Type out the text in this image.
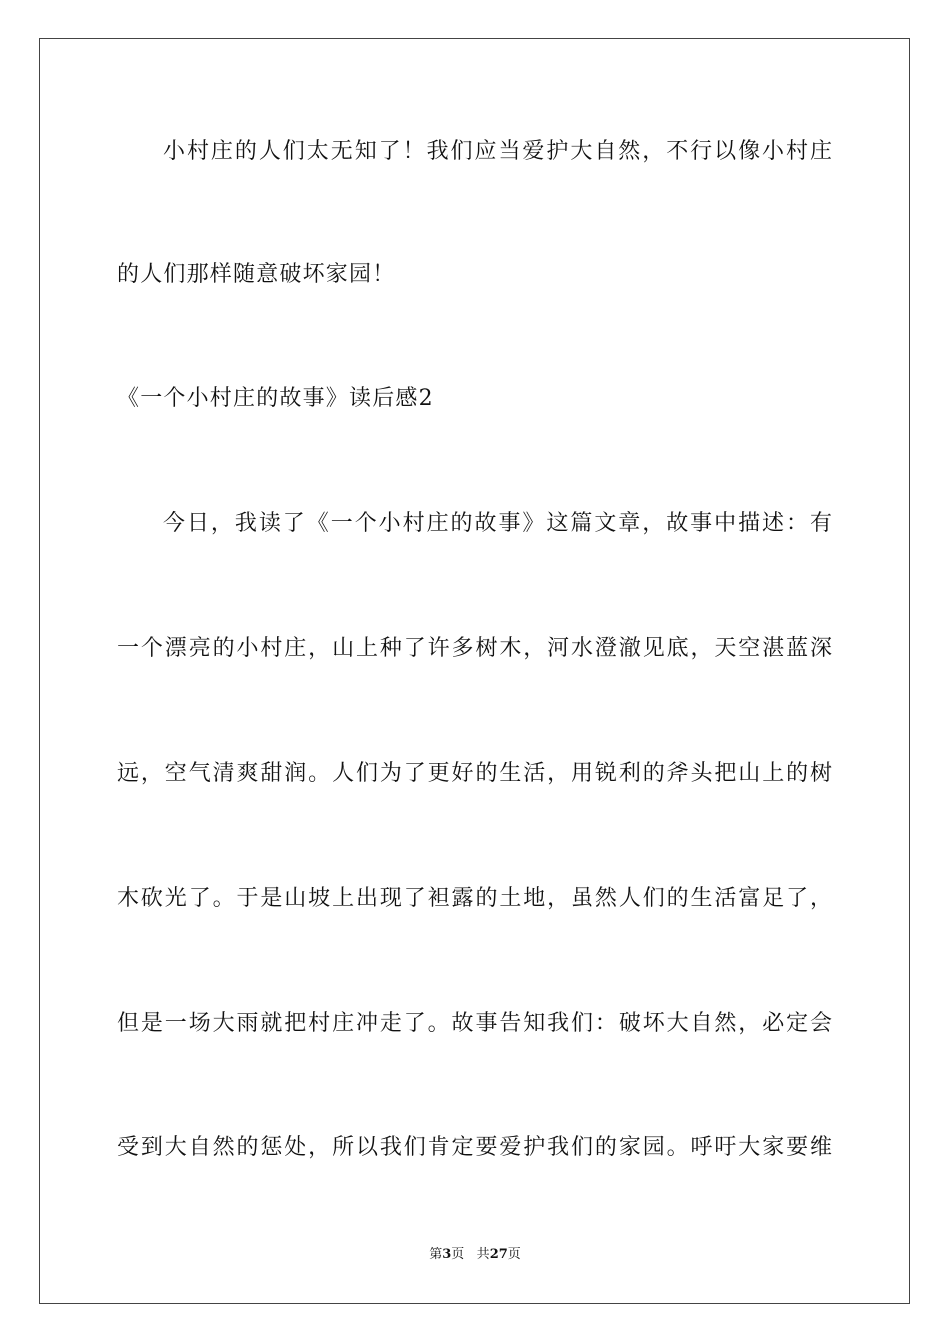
小村庄的人们太无知了！我们应当爱护大自然，不行以像小村庄
的人们那样随意破坏家园！
《一个小村庄的故事》读后感2
今日，我读了《一个小村庄的故事》这篇文章，故事中描述：有
一个漂亮的小村庄，山上种了许多树木，河水澄澈见底，天空湛蓝深
远，空气清爽甜润。人们为了更好的生活，用锐利的斧头把山上的树
木砍光了。于是山坡上出现了袒露的土地，虽然人们的生活富足了，
但是一场大雨就把村庄冲走了。故事告知我们：破坏大自然，必定会
受到大自然的惩处，所以我们肯定要爱护我们的家园。呼吁大家要维
第3页 共27页
